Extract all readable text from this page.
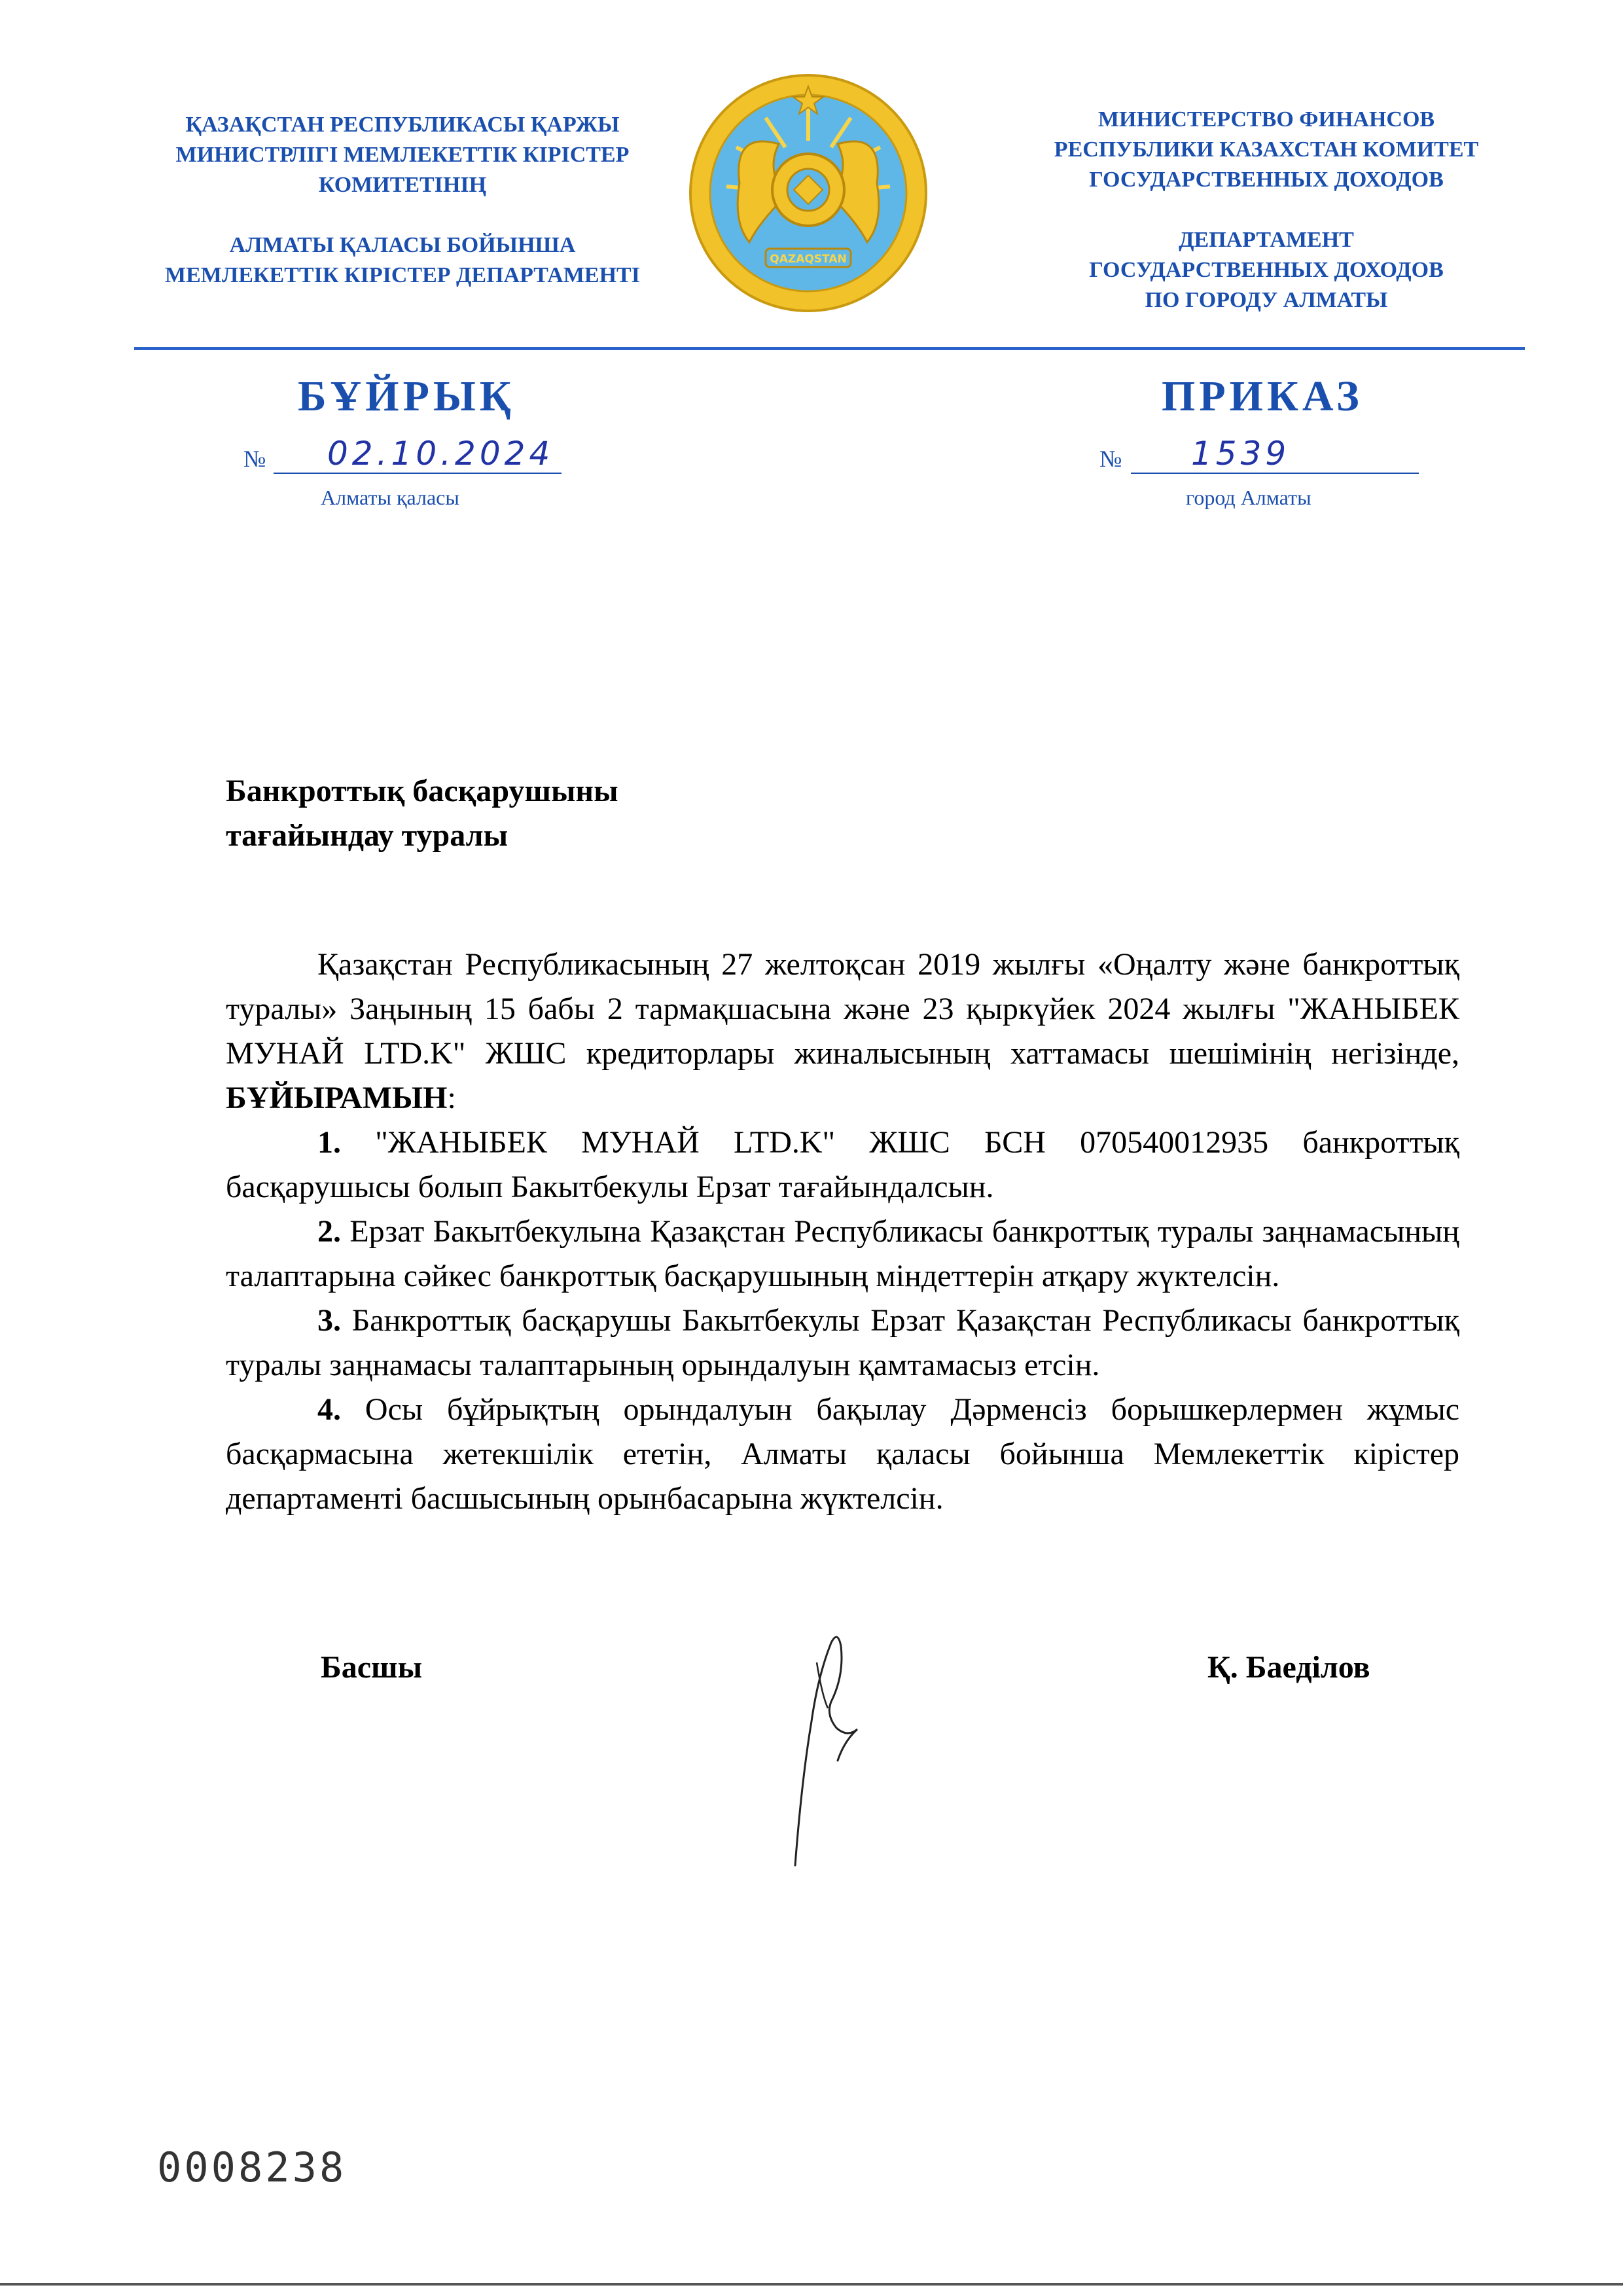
ҚАЗАҚСТАН РЕСПУБЛИКАСЫ ҚАРЖЫ
МИНИСТРЛІГІ МЕМЛЕКЕТТІК КІРІСТЕР
КОМИТЕТІНІҢ
АЛМАТЫ ҚАЛАСЫ БОЙЫНША
МЕМЛЕКЕТТІК КІРІСТЕР ДЕПАРТАМЕНТІ
QAZAQSTAN
МИНИСТЕРСТВО ФИНАНСОВ
РЕСПУБЛИКИ КАЗАХСТАН КОМИТЕТ
ГОСУДАРСТВЕННЫХ ДОХОДОВ
ДЕПАРТАМЕНТ
ГОСУДАРСТВЕННЫХ ДОХОДОВ
ПО ГОРОДУ АЛМАТЫ
БҰЙРЫҚ	ПРИКАЗ
№ 02.10.2024
Алматы қаласы
№ 1539
город Алматы
Банкроттық басқарушыны
тағайындау туралы

Қазақстан Республикасының 27 желтоқсан 2019 жылғы «Оңалту және банкроттық туралы» Заңының 15 бабы 2 тармақшасына және 23 қыркүйек 2024 жылғы "ЖАНЫБЕК МУНАЙ LTD.K" ЖШС кредиторлары жиналысының хаттамасы шешімінің негізінде, БҰЙЫРАМЫН:

1. "ЖАНЫБЕК МУНАЙ LTD.K" ЖШС БСН 070540012935 банкроттық басқарушысы болып Бакытбекулы Ерзат тағайындалсын.

2. Ерзат Бакытбекулына Қазақстан Республикасы банкроттық туралы заңнамасының талаптарына сәйкес банкроттық басқарушының міндеттерін атқару жүктелсін.

3. Банкроттық басқарушы Бакытбекулы Ерзат Қазақстан Республикасы банкроттық туралы заңнамасы талаптарының орындалуын қамтамасыз етсін.

4. Осы бұйрықтың орындалуын бақылау Дәрменсіз борышкерлермен жұмыс басқармасына жетекшілік ететін, Алматы қаласы бойынша Мемлекеттік кірістер департаменті басшысының орынбасарына жүктелсін.

Басшы	Қ. Баеділов
0008238
